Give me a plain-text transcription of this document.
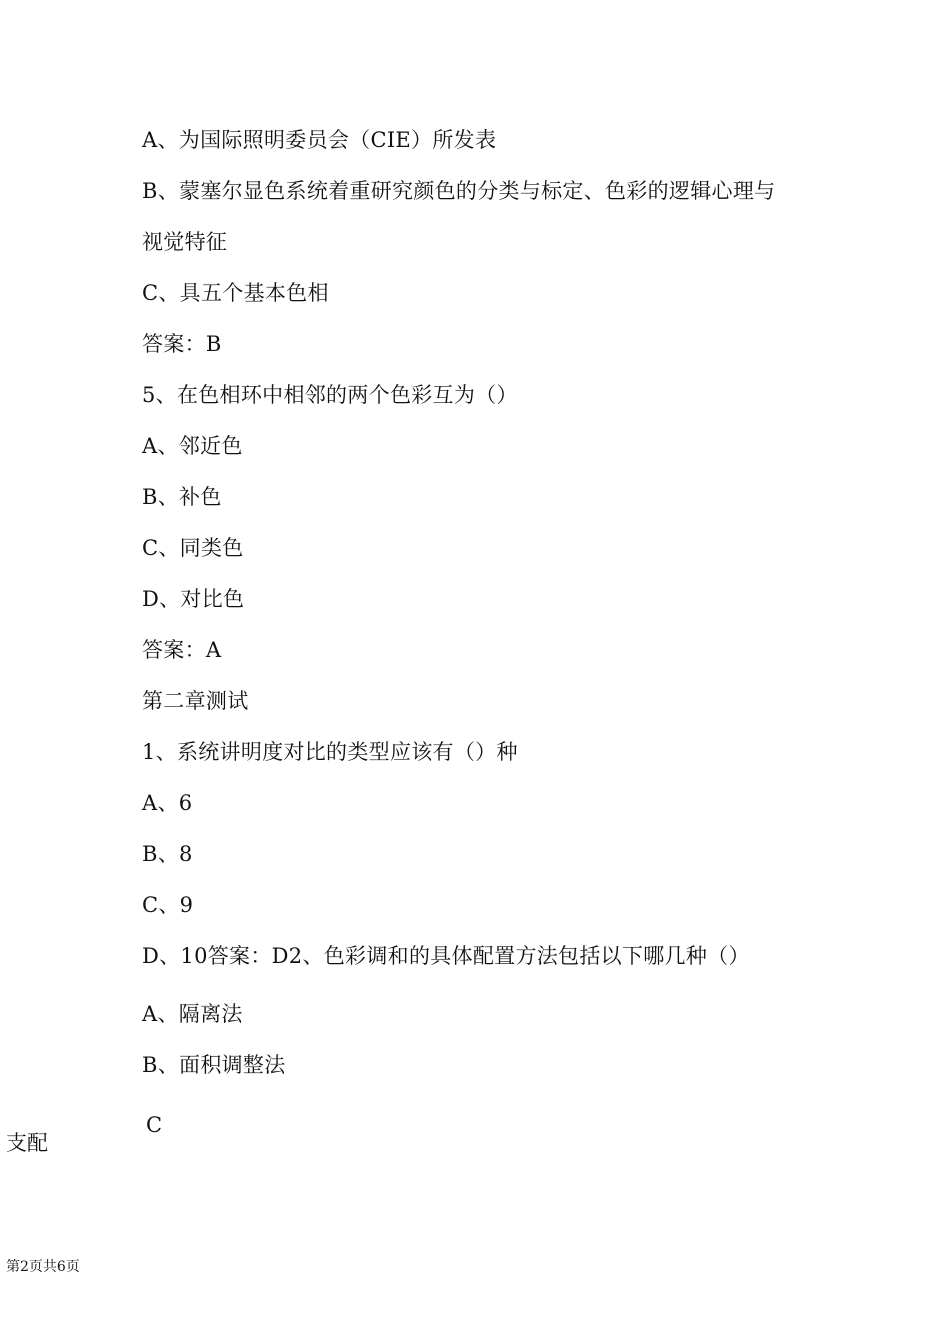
A、为国际照明委员会（CIE）所发表
B、蒙塞尔显色系统着重研究颜色的分类与标定、色彩的逻辑心理与
视觉特征
C、具五个基本色相
答案：B
5、在色相环中相邻的两个色彩互为（）
A、邻近色
B、补色
C、同类色
D、对比色
答案：A
第二章测试
1、系统讲明度对比的类型应该有（）种
A、6
B、8
C、9
D、10答案：D2、色彩调和的具体配置方法包括以下哪几种（）
A、隔离法
B、面积调整法
C
支配
第2页共6页
